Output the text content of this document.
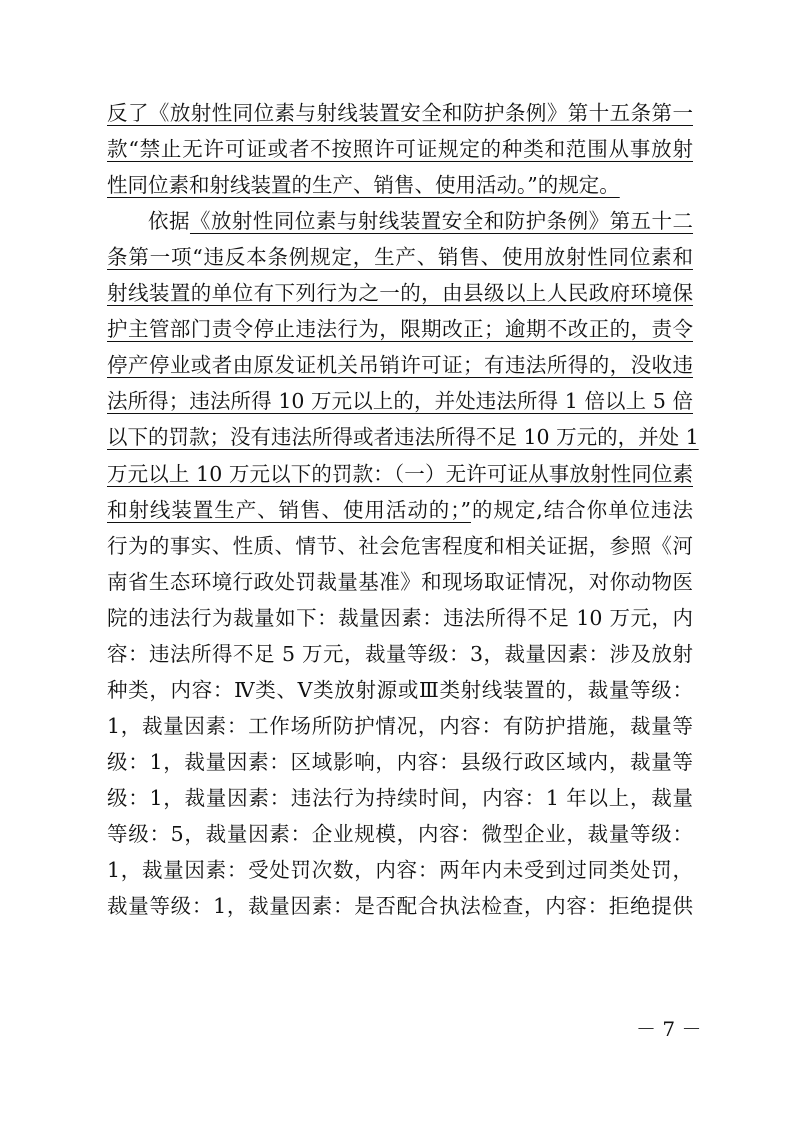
反了《放射性同位素与射线装置安全和防护条例》第十五条第一
款“禁止无许可证或者不按照许可证规定的种类和范围从事放射
性同位素和射线装置的生产、销售、使用活动。”的规定。
依据《放射性同位素与射线装置安全和防护条例》第五十二
条第一项“违反本条例规定，生产、销售、使用放射性同位素和
射线装置的单位有下列行为之一的，由县级以上人民政府环境保
护主管部门责令停止违法行为，限期改正；逾期不改正的，责令
停产停业或者由原发证机关吊销许可证；有违法所得的，没收违
法所得；违法所得 10 万元以上的，并处违法所得 1 倍以上 5 倍
以下的罚款；没有违法所得或者违法所得不足 10 万元的，并处 1
万元以上 10 万元以下的罚款：（一）无许可证从事放射性同位素
和射线装置生产、销售、使用活动的；”的规定,结合你单位违法
行为的事实、性质、情节、社会危害程度和相关证据，参照《河
南省生态环境行政处罚裁量基准》和现场取证情况，对你动物医
院的违法行为裁量如下：裁量因素：违法所得不足 10 万元，内
容：违法所得不足 5 万元，裁量等级：3，裁量因素：涉及放射
种类，内容：Ⅳ类、Ⅴ类放射源或Ⅲ类射线装置的，裁量等级：
1，裁量因素：工作场所防护情况，内容：有防护措施，裁量等
级：1，裁量因素：区域影响，内容：县级行政区域内，裁量等
级：1，裁量因素：违法行为持续时间，内容：1 年以上，裁量
等级：5，裁量因素：企业规模，内容：微型企业，裁量等级：
1，裁量因素：受处罚次数，内容：两年内未受到过同类处罚，
裁量等级：1，裁量因素：是否配合执法检查，内容：拒绝提供
－ 7 －
